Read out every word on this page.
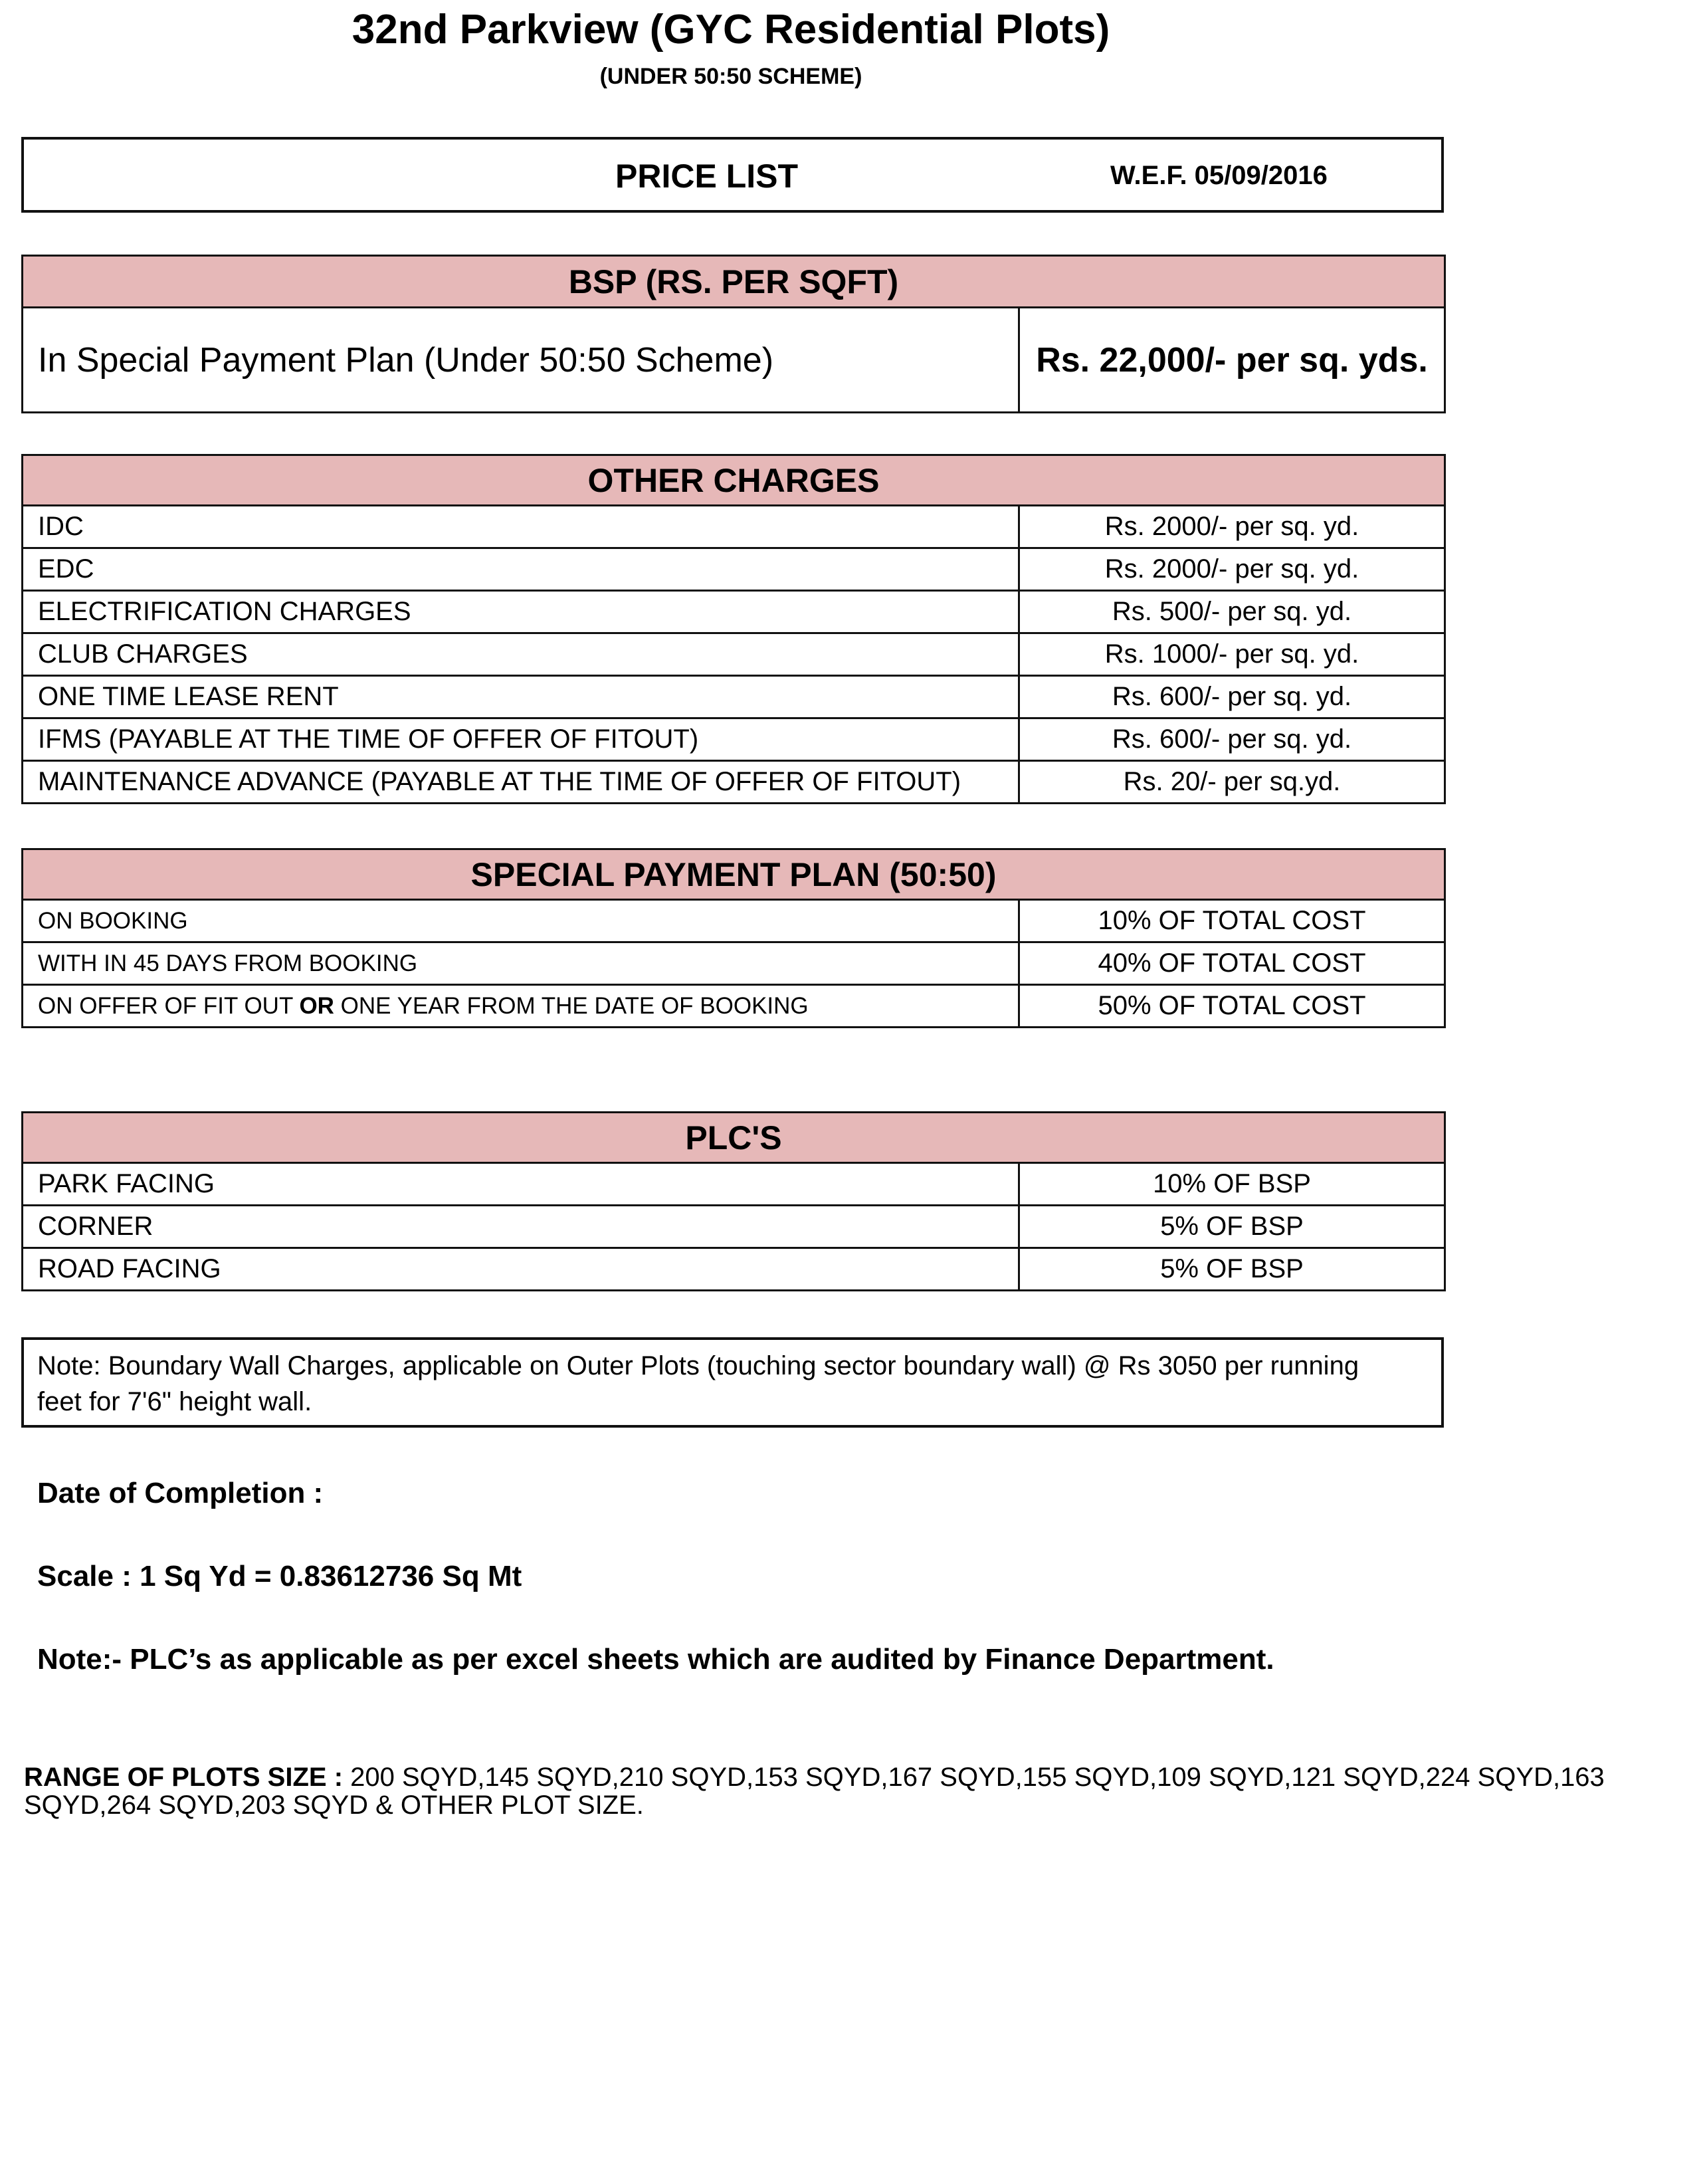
32nd Parkview (GYC Residential Plots)
(UNDER 50:50 SCHEME)
PRICE LIST	W.E.F. 05/09/2016
BSP (RS. PER SQFT)
In Special Payment Plan (Under 50:50 Scheme)	Rs. 22,000/- per sq. yds.
OTHER CHARGES	
IDC	Rs. 2000/- per sq. yd.
EDC	Rs. 2000/- per sq. yd.
ELECTRIFICATION CHARGES	Rs. 500/- per sq. yd.
CLUB CHARGES	Rs. 1000/- per sq. yd.
ONE TIME LEASE RENT	Rs. 600/- per sq. yd.
IFMS (PAYABLE AT THE TIME OF OFFER OF FITOUT)	Rs. 600/- per sq. yd.
MAINTENANCE ADVANCE (PAYABLE AT THE TIME OF OFFER OF FITOUT)	Rs. 20/- per sq.yd.
SPECIAL PAYMENT PLAN (50:50)	
ON BOOKING	10% OF TOTAL COST
WITH IN 45 DAYS FROM BOOKING	40% OF TOTAL COST
ON OFFER OF FIT OUT OR ONE YEAR FROM THE DATE OF BOOKING	50% OF TOTAL COST
PLC'S	
PARK FACING	10% OF BSP
CORNER	5% OF BSP
ROAD FACING	5% OF BSP
Note: Boundary Wall Charges, applicable on Outer Plots (touching sector boundary wall) @ Rs 3050 per running
feet for 7'6" height wall.
Date of Completion :
Scale : 1 Sq Yd = 0.83612736 Sq Mt
Note:- PLC’s as applicable as per excel sheets which are audited by Finance Department.
RANGE OF PLOTS SIZE : 200 SQYD,145 SQYD,210 SQYD,153 SQYD,167 SQYD,155 SQYD,109 SQYD,121 SQYD,224 SQYD,163
SQYD,264 SQYD,203 SQYD & OTHER PLOT SIZE.
